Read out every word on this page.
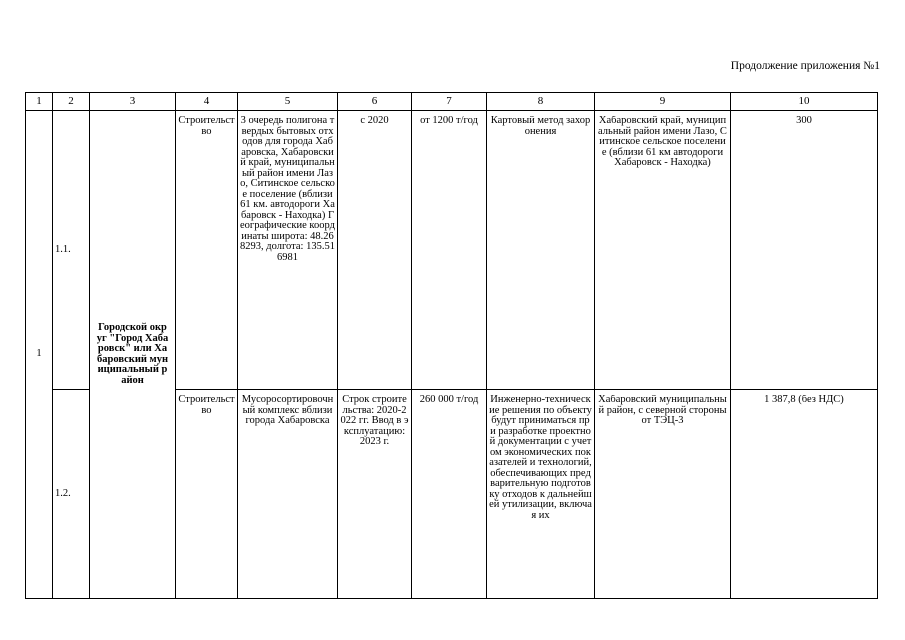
Продолжение приложения №1
1	2	3	4	5	6	7	8	9	10
1	1.1.	Городской округ "Город Хабаровск" или Хабаровский муниципальный район	Строительство	3 очередь полигона твердых бытовых отходов для города Хабаровска, Хабаровский край, муниципальный район имени Лазо, Ситинское сельское поселение (вблизи 61 км. автодороги Хабаровск - Находка) Географические координаты широта: 48.268293, долгота: 135.516981	с 2020	от 1200 т/год	Картовый метод захоронения	Хабаровский край, муниципальный район имени Лазо, Ситинское сельское поселение (вблизи 61 км автодороги Хабаровск - Находка)	300

	1.2.		Строительство	Мусоросортировочный комплекс вблизи города Хабаровска	Строк строительства: 2020-2022 гг. Ввод в эксплуатацию: 2023 г.	260 000 т/год	Инженерно-технические решения по объекту будут приниматься при разработке проектной документации с учетом экономических показателей и технологий, обеспечивающих предварительную подготовку отходов к дальнейшей утилизации, включая их	Хабаровский муниципальный район, с северной стороны от ТЭЦ-3	1 387,8 (без НДС)
